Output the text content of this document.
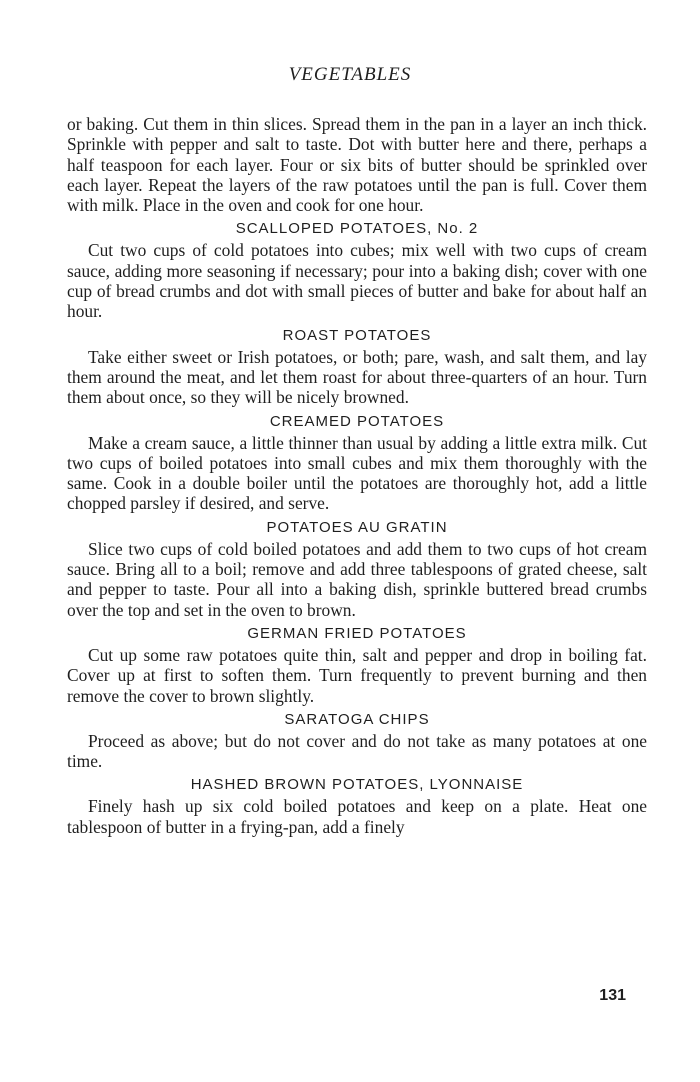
VEGETABLES

or baking. Cut them in thin slices. Spread them in the pan in a layer an inch thick. Sprinkle with pepper and salt to taste. Dot with butter here and there, perhaps a half teaspoon for each layer. Four or six bits of butter should be sprinkled over each layer. Repeat the layers of the raw potatoes until the pan is full. Cover them with milk. Place in the oven and cook for one hour.

SCALLOPED POTATOES, No. 2

Cut two cups of cold potatoes into cubes; mix well with two cups of cream sauce, adding more seasoning if necessary; pour into a baking dish; cover with one cup of bread crumbs and dot with small pieces of butter and bake for about half an hour.

ROAST POTATOES

Take either sweet or Irish potatoes, or both; pare, wash, and salt them, and lay them around the meat, and let them roast for about three-quarters of an hour. Turn them about once, so they will be nicely browned.

CREAMED POTATOES

Make a cream sauce, a little thinner than usual by adding a little extra milk. Cut two cups of boiled potatoes into small cubes and mix them thoroughly with the same. Cook in a double boiler until the potatoes are thoroughly hot, add a little chopped parsley if desired, and serve.

POTATOES AU GRATIN

Slice two cups of cold boiled potatoes and add them to two cups of hot cream sauce. Bring all to a boil; remove and add three tablespoons of grated cheese, salt and pepper to taste. Pour all into a baking dish, sprinkle buttered bread crumbs over the top and set in the oven to brown.

GERMAN FRIED POTATOES

Cut up some raw potatoes quite thin, salt and pepper and drop in boiling fat. Cover up at first to soften them. Turn frequently to prevent burning and then remove the cover to brown slightly.

SARATOGA CHIPS

Proceed as above; but do not cover and do not take as many potatoes at one time.

HASHED BROWN POTATOES, LYONNAISE

Finely hash up six cold boiled potatoes and keep on a plate. Heat one tablespoon of butter in a frying-pan, add a finely

131
